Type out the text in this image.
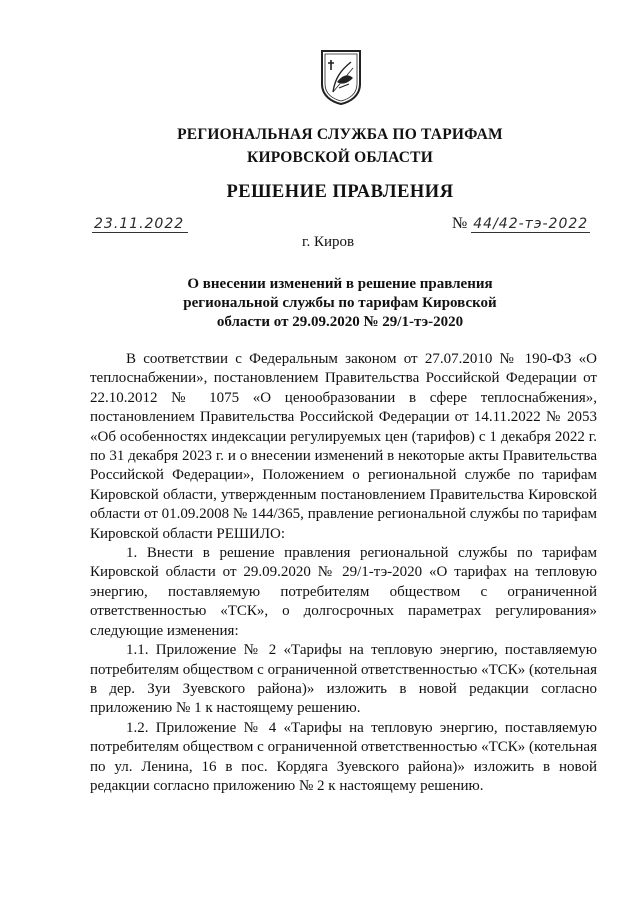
РЕГИОНАЛЬНАЯ СЛУЖБА ПО ТАРИФАМ
КИРОВСКОЙ ОБЛАСТИ
РЕШЕНИЕ ПРАВЛЕНИЯ
23.11.2022	№ 44/42-тэ-2022
г. Киров
О внесении изменений в решение правления
региональной службы по тарифам Кировской
области от 29.09.2020 № 29/1-тэ-2020

В соответствии с Федеральным законом от 27.07.2010 № 190-ФЗ «О теплоснабжении», постановлением Правительства Российской Федерации от 22.10.2012 № 1075 «О ценообразовании в сфере теплоснабжения», постановлением Правительства Российской Федерации от 14.11.2022 № 2053 «Об особенностях индексации регулируемых цен (тарифов) с 1 декабря 2022 г. по 31 декабря 2023 г. и о внесении изменений в некоторые акты Правительства Российской Федерации», Положением о региональной службе по тарифам Кировской области, утвержденным постановлением Правительства Кировской области от 01.09.2008 № 144/365, правление региональной службы по тарифам Кировской области РЕШИЛО:

1. Внести в решение правления региональной службы по тарифам Кировской области от 29.09.2020 № 29/1-тэ-2020 «О тарифах на тепловую энергию, поставляемую потребителям обществом с ограниченной ответственностью «ТСК», о долгосрочных параметрах регулирования» следующие изменения:

1.1. Приложение № 2 «Тарифы на тепловую энергию, поставляемую потребителям обществом с ограниченной ответственностью «ТСК» (котельная в дер. Зуи Зуевского района)» изложить в новой редакции согласно приложению № 1 к настоящему решению.

1.2. Приложение № 4 «Тарифы на тепловую энергию, поставляемую потребителям обществом с ограниченной ответственностью «ТСК» (котельная по ул. Ленина, 16 в пос. Кордяга Зуевского района)» изложить в новой редакции согласно приложению № 2 к настоящему решению.
